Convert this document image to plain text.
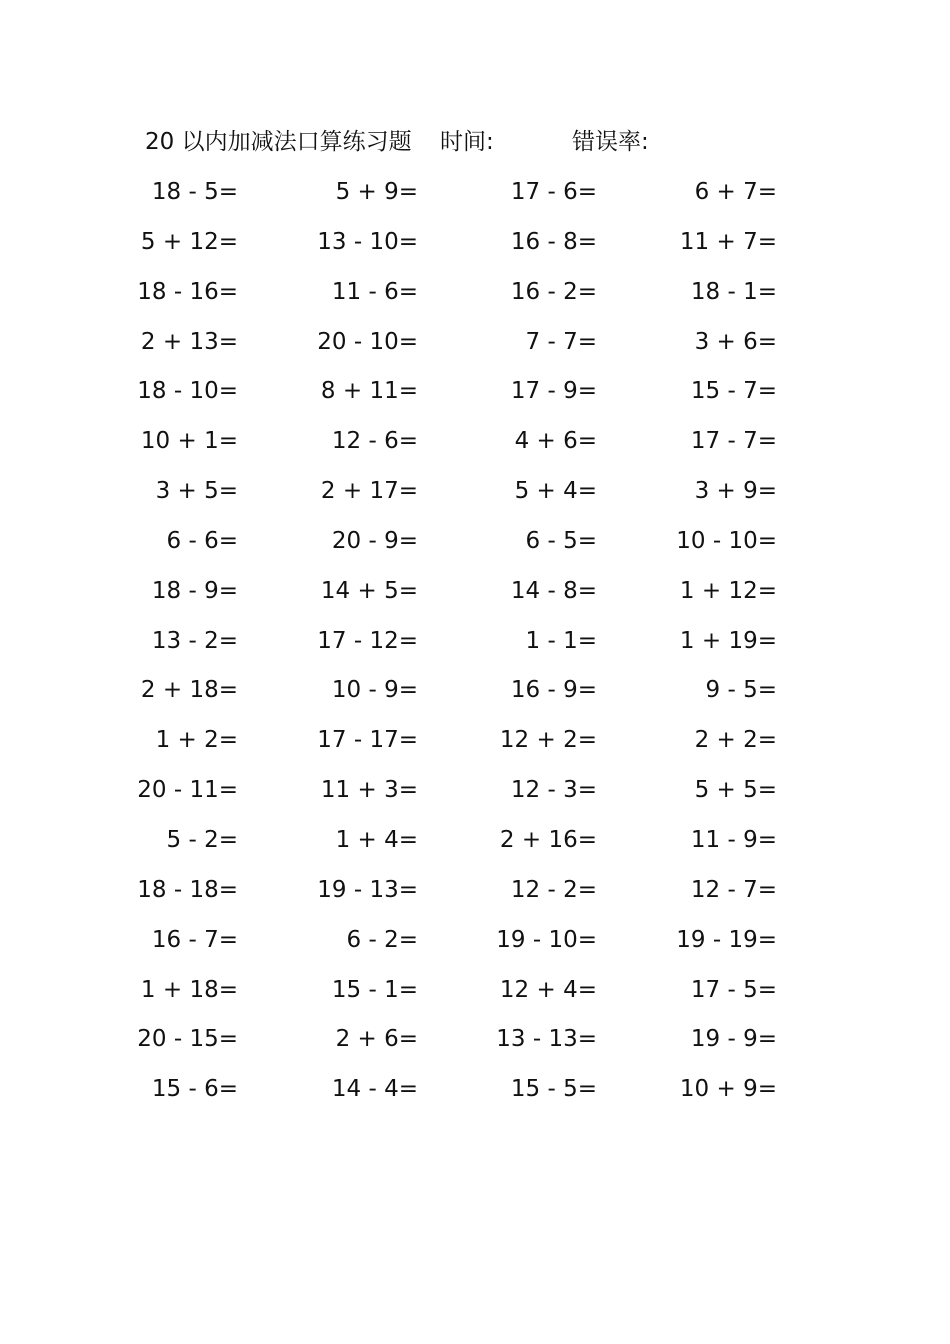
20 以内加减法口算练习题 时间:	错误率:
18 - 5=	5 + 9=	17 - 6=	6 + 7=
5 + 12=	13 - 10=	16 - 8=	11 + 7=
18 - 16=	11 - 6=	16 - 2=	18 - 1=
2 + 13=	20 - 10=	7 - 7=	3 + 6=
18 - 10=	8 + 11=	17 - 9=	15 - 7=
10 + 1=	12 - 6=	4 + 6=	17 - 7=
3 + 5=	2 + 17=	5 + 4=	3 + 9=
6 - 6=	20 - 9=	6 - 5=	10 - 10=
18 - 9=	14 + 5=	14 - 8=	1 + 12=
13 - 2=	17 - 12=	1 - 1=	1 + 19=
2 + 18=	10 - 9=	16 - 9=	9 - 5=
1 + 2=	17 - 17=	12 + 2=	2 + 2=
20 - 11=	11 + 3=	12 - 3=	5 + 5=
5 - 2=	1 + 4=	2 + 16=	11 - 9=
18 - 18=	19 - 13=	12 - 2=	12 - 7=
16 - 7=	6 - 2=	19 - 10=	19 - 19=
1 + 18=	15 - 1=	12 + 4=	17 - 5=
20 - 15=	2 + 6=	13 - 13=	19 - 9=
15 - 6=	14 - 4=	15 - 5=	10 + 9=
